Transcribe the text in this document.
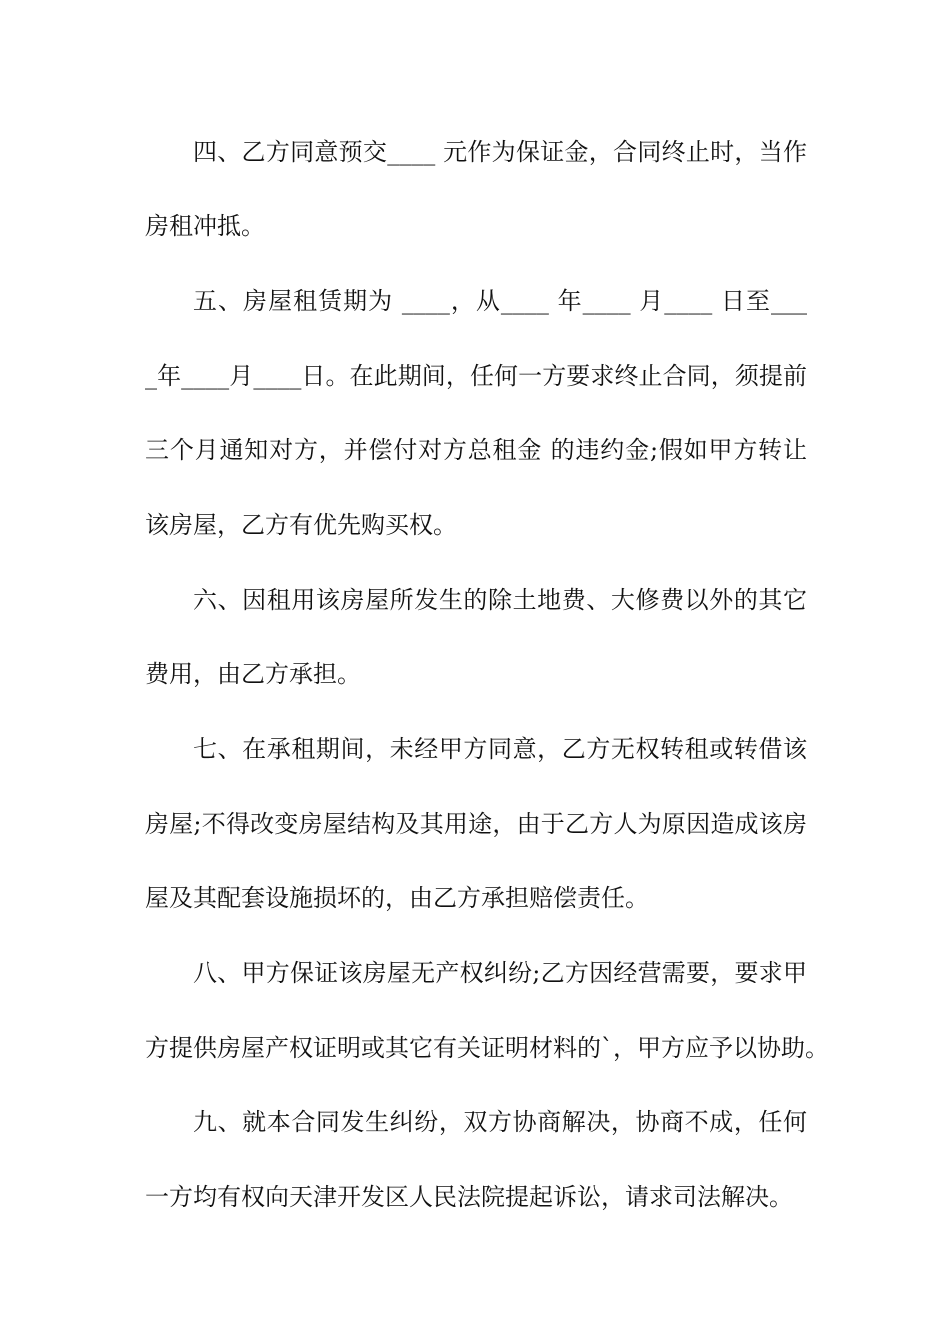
四、乙方同意预交____ 元作为保证金，合同终止时，当作

房租冲抵。

五、房屋租赁期为 ____，从____ 年____ 月____ 日至___

_年____月____日。在此期间，任何一方要求终止合同，须提前

三个月通知对方，并偿付对方总租金 的违约金;假如甲方转让

该房屋，乙方有优先购买权。

六、因租用该房屋所发生的除土地费、大修费以外的其它

费用，由乙方承担。

七、在承租期间，未经甲方同意，乙方无权转租或转借该

房屋;不得改变房屋结构及其用途，由于乙方人为原因造成该房

屋及其配套设施损坏的，由乙方承担赔偿责任。

八、甲方保证该房屋无产权纠纷;乙方因经营需要，要求甲

方提供房屋产权证明或其它有关证明材料的`，甲方应予以协助。

九、就本合同发生纠纷，双方协商解决，协商不成，任何

一方均有权向天津开发区人民法院提起诉讼，请求司法解决。
